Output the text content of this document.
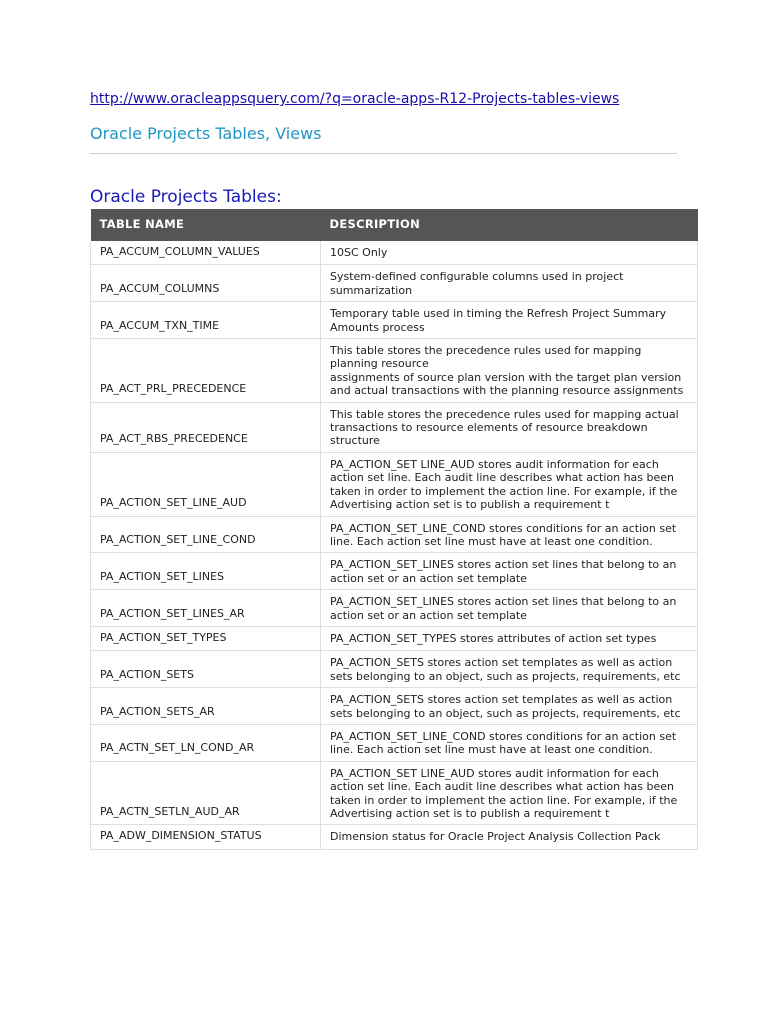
http://www.oracleappsquery.com/?q=oracle-apps-R12-Projects-tables-views
Oracle Projects Tables, Views
Oracle Projects Tables:
TABLE NAME	DESCRIPTION
PA_ACCUM_COLUMN_VALUES	10SC Only
PA_ACCUM_COLUMNS	System-defined configurable columns used in project summarization
PA_ACCUM_TXN_TIME	Temporary table used in timing the Refresh Project Summary Amounts process
PA_ACT_PRL_PRECEDENCE	This table stores the precedence rules used for mapping planning resource
assignments of source plan version with the target plan version and actual transactions with the planning resource assignments
PA_ACT_RBS_PRECEDENCE	This table stores the precedence rules used for mapping actual transactions to resource elements of resource breakdown structure
PA_ACTION_SET_LINE_AUD	PA_ACTION_SET LINE_AUD stores audit information for each action set line. Each audit line describes what action has been taken in order to implement the action line. For example, if the Advertising action set is to publish a requirement t
PA_ACTION_SET_LINE_COND	PA_ACTION_SET_LINE_COND stores conditions for an action set line. Each action set line must have at least one condition.
PA_ACTION_SET_LINES	PA_ACTION_SET_LINES stores action set lines that belong to an action set or an action set template
PA_ACTION_SET_LINES_AR	PA_ACTION_SET_LINES stores action set lines that belong to an action set or an action set template
PA_ACTION_SET_TYPES	PA_ACTION_SET_TYPES stores attributes of action set types
PA_ACTION_SETS	PA_ACTION_SETS stores action set templates as well as action sets belonging to an object, such as projects, requirements, etc
PA_ACTION_SETS_AR	PA_ACTION_SETS stores action set templates as well as action sets belonging to an object, such as projects, requirements, etc
PA_ACTN_SET_LN_COND_AR	PA_ACTION_SET_LINE_COND stores conditions for an action set line. Each action set line must have at least one condition.
PA_ACTN_SETLN_AUD_AR	PA_ACTION_SET LINE_AUD stores audit information for each action set line. Each audit line describes what action has been taken in order to implement the action line. For example, if the Advertising action set is to publish a requirement t
PA_ADW_DIMENSION_STATUS	Dimension status for Oracle Project Analysis Collection Pack
